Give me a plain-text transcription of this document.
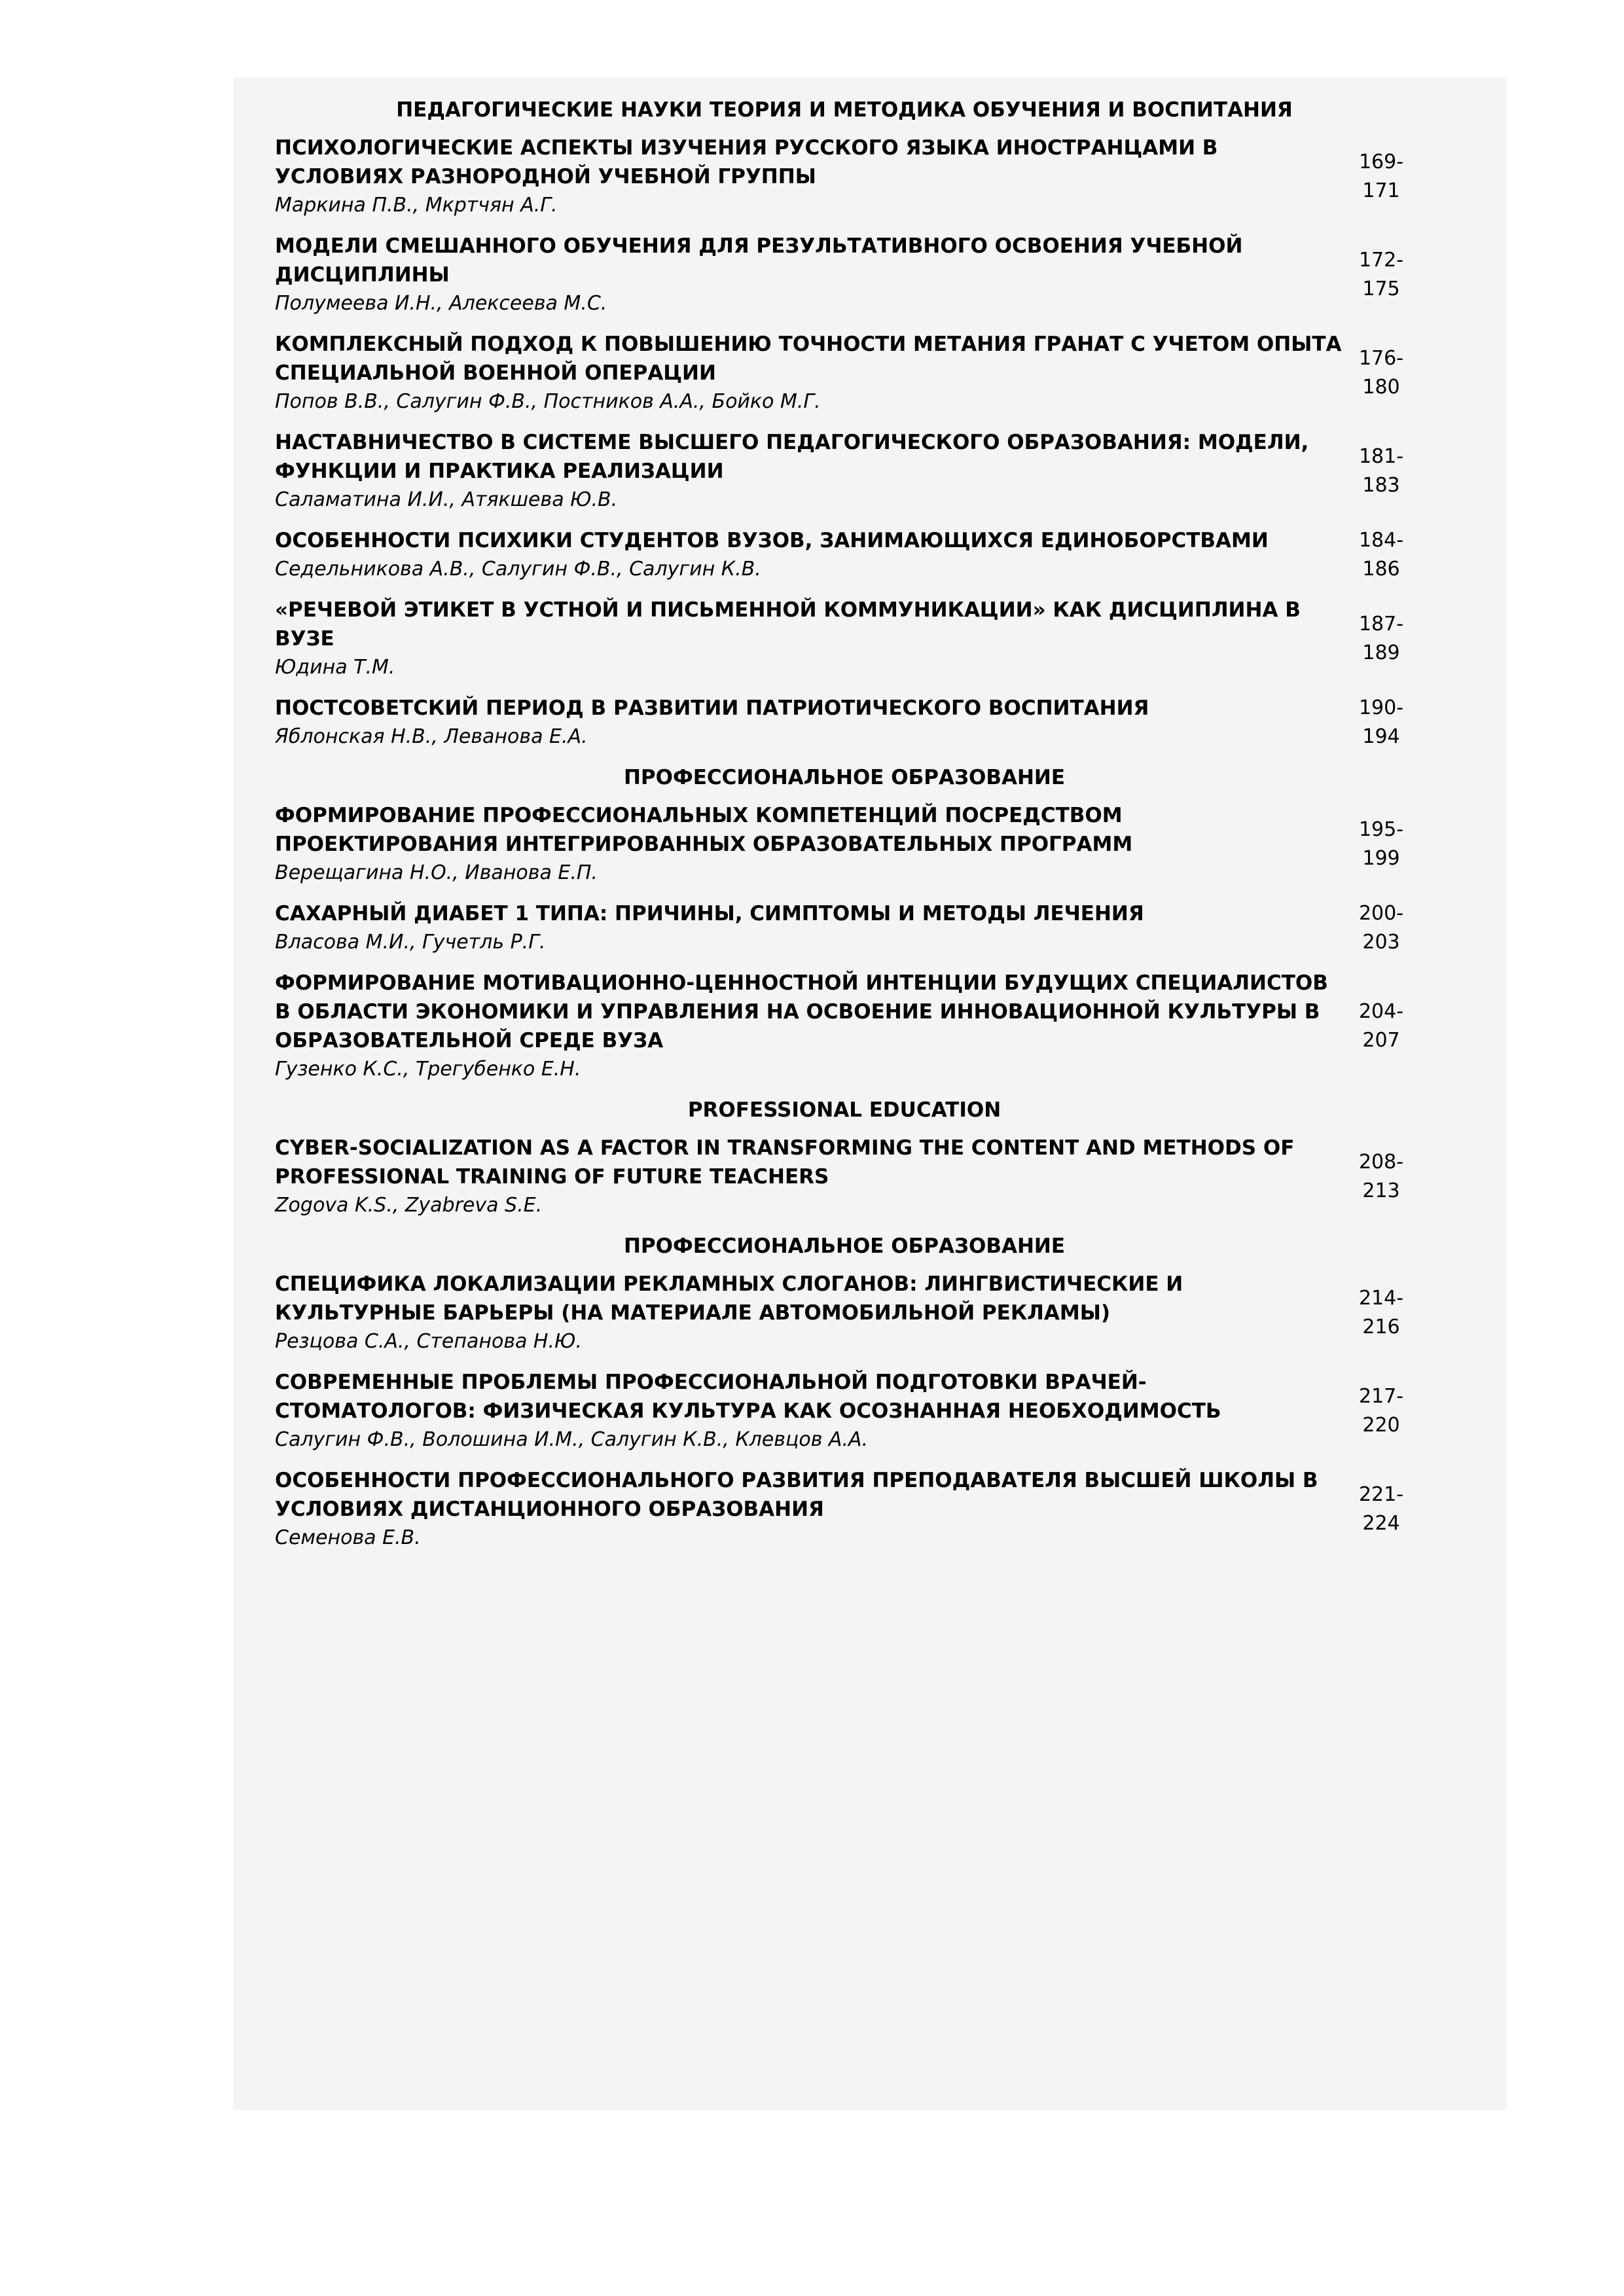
ПЕДАГОГИЧЕСКИЕ НАУКИ ТЕОРИЯ И МЕТОДИКА ОБУЧЕНИЯ И ВОСПИТАНИЯ
ПСИХОЛОГИЧЕСКИЕ АСПЕКТЫ ИЗУЧЕНИЯ РУССКОГО ЯЗЫКА ИНОСТРАНЦАМИ В УСЛОВИЯХ РАЗНОРОДНОЙ УЧЕБНОЙ ГРУППЫ
Маркина П.В., Мкртчян А.Г.
169-
171
МОДЕЛИ СМЕШАННОГО ОБУЧЕНИЯ ДЛЯ РЕЗУЛЬТАТИВНОГО ОСВОЕНИЯ УЧЕБНОЙ ДИСЦИПЛИНЫ
Полумеева И.Н., Алексеева М.С.
172-
175
КОМПЛЕКСНЫЙ ПОДХОД К ПОВЫШЕНИЮ ТОЧНОСТИ МЕТАНИЯ ГРАНАТ С УЧЕТОМ ОПЫТА СПЕЦИАЛЬНОЙ ВОЕННОЙ ОПЕРАЦИИ
Попов В.В., Салугин Ф.В., Постников А.А., Бойко М.Г.
176-
180
НАСТАВНИЧЕСТВО В СИСТЕМЕ ВЫСШЕГО ПЕДАГОГИЧЕСКОГО ОБРАЗОВАНИЯ: МОДЕЛИ, ФУНКЦИИ И ПРАКТИКА РЕАЛИЗАЦИИ
Саламатина И.И., Атякшева Ю.В.
181-
183
ОСОБЕННОСТИ ПСИХИКИ СТУДЕНТОВ ВУЗОВ, ЗАНИМАЮЩИХСЯ ЕДИНОБОРСТВАМИ
Седельникова А.В., Салугин Ф.В., Салугин К.В.
184-
186
«РЕЧЕВОЙ ЭТИКЕТ В УСТНОЙ И ПИСЬМЕННОЙ КОММУНИКАЦИИ» КАК ДИСЦИПЛИНА В ВУЗЕ
Юдина Т.М.
187-
189
ПОСТСОВЕТСКИЙ ПЕРИОД В РАЗВИТИИ ПАТРИОТИЧЕСКОГО ВОСПИТАНИЯ
Яблонская Н.В., Леванова Е.А.
190-
194
ПРОФЕССИОНАЛЬНОЕ ОБРАЗОВАНИЕ
ФОРМИРОВАНИЕ ПРОФЕССИОНАЛЬНЫХ КОМПЕТЕНЦИЙ ПОСРЕДСТВОМ ПРОЕКТИРОВАНИЯ ИНТЕГРИРОВАННЫХ ОБРАЗОВАТЕЛЬНЫХ ПРОГРАММ
Верещагина Н.О., Иванова Е.П.
195-
199
САХАРНЫЙ ДИАБЕТ 1 ТИПА: ПРИЧИНЫ, СИМПТОМЫ И МЕТОДЫ ЛЕЧЕНИЯ
Власова М.И., Гучетль Р.Г.
200-
203
ФОРМИРОВАНИЕ МОТИВАЦИОННО-ЦЕННОСТНОЙ ИНТЕНЦИИ БУДУЩИХ СПЕЦИАЛИСТОВ В ОБЛАСТИ ЭКОНОМИКИ И УПРАВЛЕНИЯ НА ОСВОЕНИЕ ИННОВАЦИОННОЙ КУЛЬТУРЫ В ОБРАЗОВАТЕЛЬНОЙ СРЕДЕ ВУЗА
Гузенко К.С., Трегубенко Е.Н.
204-
207
PROFESSIONAL EDUCATION
CYBER-SOCIALIZATION AS A FACTOR IN TRANSFORMING THE CONTENT AND METHODS OF PROFESSIONAL TRAINING OF FUTURE TEACHERS
Zogova K.S., Zyabreva S.E.
208-
213
ПРОФЕССИОНАЛЬНОЕ ОБРАЗОВАНИЕ
СПЕЦИФИКА ЛОКАЛИЗАЦИИ РЕКЛАМНЫХ СЛОГАНОВ: ЛИНГВИСТИЧЕСКИЕ И КУЛЬТУРНЫЕ БАРЬЕРЫ (НА МАТЕРИАЛЕ АВТОМОБИЛЬНОЙ РЕКЛАМЫ)
Резцова С.А., Степанова Н.Ю.
214-
216
СОВРЕМЕННЫЕ ПРОБЛЕМЫ ПРОФЕССИОНАЛЬНОЙ ПОДГОТОВКИ ВРАЧЕЙ-СТОМАТОЛОГОВ: ФИЗИЧЕСКАЯ КУЛЬТУРА КАК ОСОЗНАННАЯ НЕОБХОДИМОСТЬ
Салугин Ф.В., Волошина И.М., Салугин К.В., Клевцов А.А.
217-
220
ОСОБЕННОСТИ ПРОФЕССИОНАЛЬНОГО РАЗВИТИЯ ПРЕПОДАВАТЕЛЯ ВЫСШЕЙ ШКОЛЫ В УСЛОВИЯХ ДИСТАНЦИОННОГО ОБРАЗОВАНИЯ
Семенова Е.В.
221-
224
